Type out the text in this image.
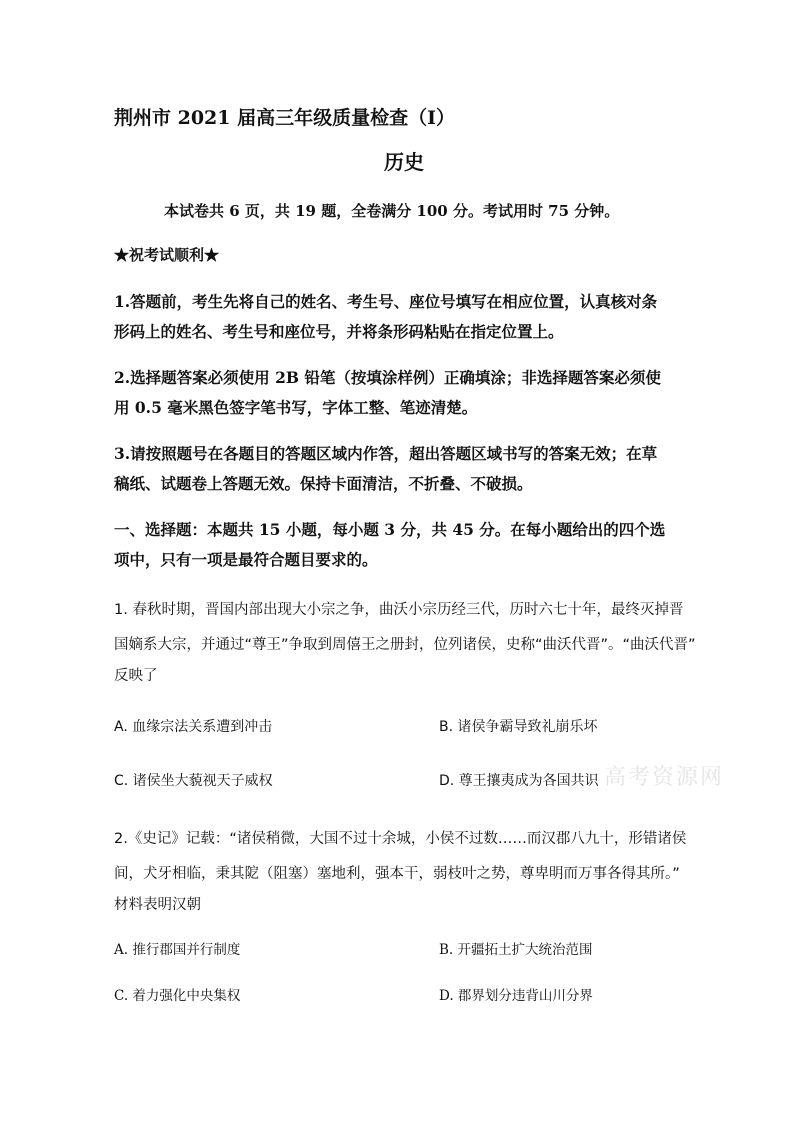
高考资源网
荆州市 2021 届高三年级质量检查（I）
历史
本试卷共 6 页，共 19 题，全卷满分 100 分。考试用时 75 分钟。
★祝考试顺利★
1.答题前，考生先将自己的姓名、考生号、座位号填写在相应位置，认真核对条
形码上的姓名、考生号和座位号，并将条形码粘贴在指定位置上。
2.选择题答案必须使用 2B 铅笔（按填涂样例）正确填涂；非选择题答案必须使
用 0.5 毫米黑色签字笔书写，字体工整、笔迹清楚。
3.请按照题号在各题目的答题区域内作答，超出答题区域书写的答案无效；在草
稿纸、试题卷上答题无效。保持卡面清洁，不折叠、不破损。
一、选择题：本题共 15 小题，每小题 3 分，共 45 分。在每小题给出的四个选
项中，只有一项是最符合题目要求的。
1. 春秋时期，晋国内部出现大小宗之争，曲沃小宗历经三代，历时六七十年，最终灭掉晋
国嫡系大宗，并通过“尊王”争取到周僖王之册封，位列诸侯，史称“曲沃代晋”。“曲沃代晋”
反映了
A. 血缘宗法关系遭到冲击	B. 诸侯争霸导致礼崩乐坏
C. 诸侯坐大藐视天子威权	D. 尊王攘夷成为各国共识
2.《史记》记载：“诸侯稍微，大国不过十余城，小侯不过数……而汉郡八九十，形错诸侯
间，犬牙相临，秉其阸（阻塞）塞地利，强本干，弱枝叶之势，尊卑明而万事各得其所。”
材料表明汉朝
A. 推行郡国并行制度	B. 开疆拓土扩大统治范围
C. 着力强化中央集权	D. 郡界划分违背山川分界
